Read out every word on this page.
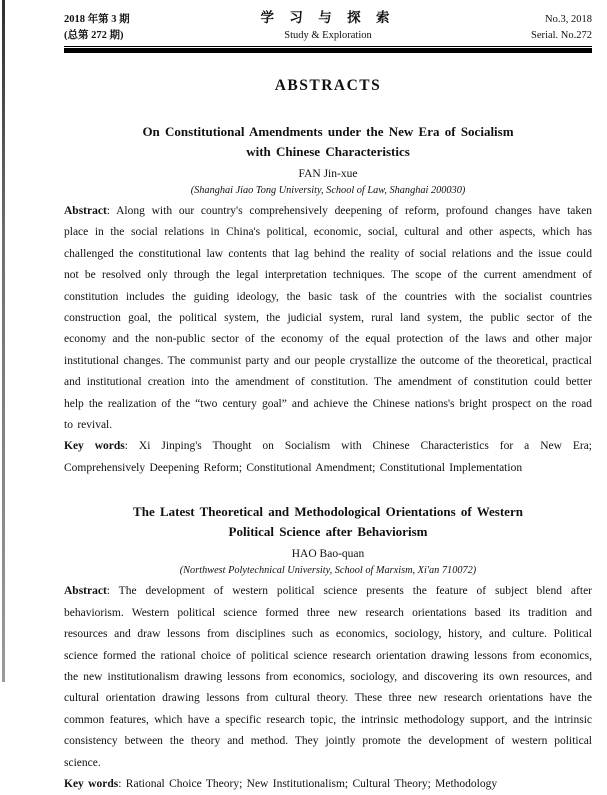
2018 年第 3 期	学 习 与 探 索	No.3, 2018
(总第 272 期)	Study & Exploration	Serial. No.272
ABSTRACTS
On Constitutional Amendments under the New Era of Socialism
with Chinese Characteristics
FAN Jin-xue
(Shanghai Jiao Tong University, School of Law, Shanghai 200030)

Abstract: Along with our country's comprehensively deepening of reform, profound changes have taken place in the social relations in China's political, economic, social, cultural and other aspects, which has challenged the constitutional law contents that lag behind the reality of social relations and the issue could not be resolved only through the legal interpretation techniques. The scope of the current amendment of constitution includes the guiding ideology, the basic task of the countries with the socialist countries construction goal, the political system, the judicial system, rural land system, the public sector of the economy and the non-public sector of the economy of the equal protection of the laws and other major institutional changes. The communist party and our people crystallize the outcome of the theoretical, practical and institutional creation into the amendment of constitution. The amendment of constitution could better help the realization of the “two century goal” and achieve the Chinese nations's bright prospect on the road to revival.

Key words: Xi Jinping's Thought on Socialism with Chinese Characteristics for a New Era; Comprehensively Deepening Reform; Constitutional Amendment; Constitutional Implementation

The Latest Theoretical and Methodological Orientations of Western
Political Science after Behaviorism
HAO Bao-quan
(Northwest Polytechnical University, School of Marxism, Xi'an 710072)

Abstract: The development of western political science presents the feature of subject blend after behaviorism. Western political science formed three new research orientations based its tradition and resources and draw lessons from disciplines such as economics, sociology, history, and culture. Political science formed the rational choice of political science research orientation drawing lessons from economics, the new institutionalism drawing lessons from economics, sociology, and discovering its own resources, and cultural orientation drawing lessons from cultural theory. These three new research orientations have the common features, which have a specific research topic, the intrinsic methodology support, and the intrinsic consistency between the theory and method. They jointly promote the development of western political science.

Key words: Rational Choice Theory; New Institutionalism; Cultural Theory; Methodology
